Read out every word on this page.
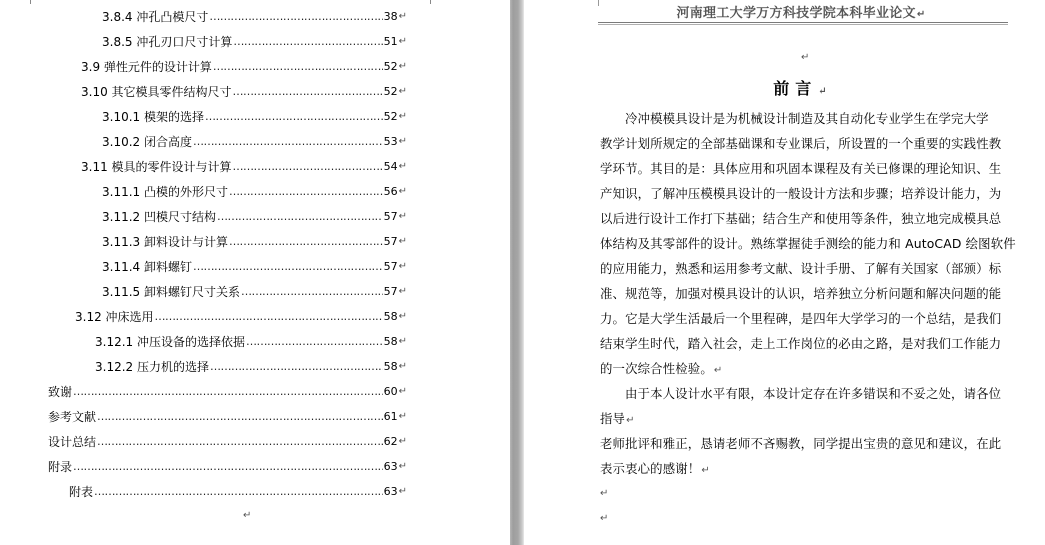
3.8.4 冲孔凸模尺寸 ……………………………………………………………………………………………………………………………………………………………………………………………………	38 ↵
3.8.5 冲孔刃口尺寸计算 ……………………………………………………………………………………………………………………………………………………………………………………………………	51 ↵
3.9 弹性元件的设计计算 ……………………………………………………………………………………………………………………………………………………………………………………………………	52 ↵
3.10 其它模具零件结构尺寸 ……………………………………………………………………………………………………………………………………………………………………………………………………	52 ↵
3.10.1 模架的选择 ……………………………………………………………………………………………………………………………………………………………………………………………………	52 ↵
3.10.2 闭合高度 ……………………………………………………………………………………………………………………………………………………………………………………………………	53 ↵
3.11 模具的零件设计与计算 ……………………………………………………………………………………………………………………………………………………………………………………………………	54 ↵
3.11.1 凸模的外形尺寸 ……………………………………………………………………………………………………………………………………………………………………………………………………	56 ↵
3.11.2 凹模尺寸结构 ……………………………………………………………………………………………………………………………………………………………………………………………………	57 ↵
3.11.3 卸料设计与计算 ……………………………………………………………………………………………………………………………………………………………………………………………………	57 ↵
3.11.4 卸料螺钉 ……………………………………………………………………………………………………………………………………………………………………………………………………	57 ↵
3.11.5 卸料螺钉尺寸关系 ……………………………………………………………………………………………………………………………………………………………………………………………………	57 ↵
3.12 冲床选用 ……………………………………………………………………………………………………………………………………………………………………………………………………	58 ↵
3.12.1 冲压设备的选择依据 ……………………………………………………………………………………………………………………………………………………………………………………………………	58 ↵
3.12.2 压力机的选择 ……………………………………………………………………………………………………………………………………………………………………………………………………	58 ↵
致谢 ……………………………………………………………………………………………………………………………………………………………………………………………………	60 ↵
参考文献 ……………………………………………………………………………………………………………………………………………………………………………………………………	61 ↵
设计总结 ……………………………………………………………………………………………………………………………………………………………………………………………………	62 ↵
附录 ……………………………………………………………………………………………………………………………………………………………………………………………………	63 ↵
附表 ……………………………………………………………………………………………………………………………………………………………………………………………………	63 ↵
↵
河南理工大学万方科技学院本科毕业论文↵
↵
前言↵
冷冲模模具设计是为机械设计制造及其自动化专业学生在学完大学
教学计划所规定的全部基础课和专业课后，所设置的一个重要的实践性教
学环节。其目的是：具体应用和巩固本课程及有关已修课的理论知识、生
产知识，了解冲压模模具设计的一般设计方法和步骤；培养设计能力，为
以后进行设计工作打下基础；结合生产和使用等条件，独立地完成模具总
体结构及其零部件的设计。熟练掌握徒手测绘的能力和 AutoCAD 绘图软件
的应用能力，熟悉和运用参考文献、设计手册、了解有关国家（部颁）标
准、规范等，加强对模具设计的认识，培养独立分析问题和解决问题的能
力。它是大学生活最后一个里程碑，是四年大学学习的一个总结，是我们
结束学生时代，踏入社会，走上工作岗位的必由之路，是对我们工作能力
的一次综合性检验。↵
由于本人设计水平有限，本设计定存在许多错误和不妥之处，请各位
指导↵
老师批评和雅正，恳请老师不吝赐教，同学提出宝贵的意见和建议，在此
表示衷心的感谢！↵
↵
↵
